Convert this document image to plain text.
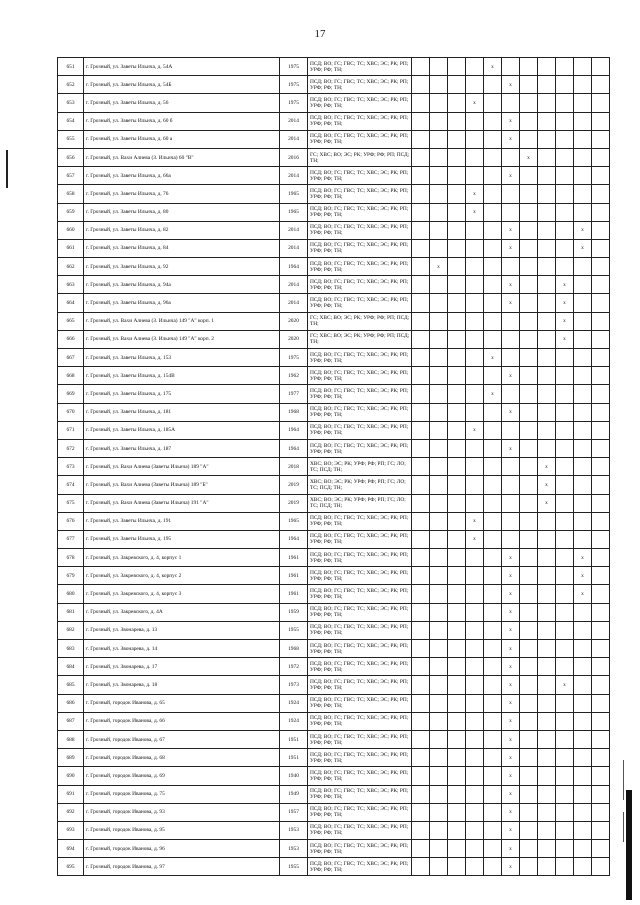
17
651	г. Грозный, ул. Заветы Ильича, д. 54А	1975	ПСД; ВО; ГС; ГВС; ТС; ХВС; ЭС; РК; РП; УРФ; РФ; ТН;					x						
652	г. Грозный, ул. Заветы Ильича, д. 54Б	1975	ПСД; ВО; ГС; ГВС; ТС; ХВС; ЭС; РК; РП; УРФ; РФ; ТН;						x					
653	г. Грозный, ул. Заветы Ильича, д. 56	1975	ПСД; ВО; ГС; ГВС; ТС; ХВС; ЭС; РК; РП; УРФ; РФ; ТН;				x							
654	г. Грозный, ул. Заветы Ильича, д. 60 б	2014	ПСД; ВО; ГС; ГВС; ТС; ХВС; ЭС; РК; РП; УРФ; РФ; ТН;						x					
655	г. Грозный, ул. Заветы Ильича, д. 60 а	2014	ПСД; ВО; ГС; ГВС; ТС; ХВС; ЭС; РК; РП; УРФ; РФ; ТН;						x					
656	г. Грозный, ул. Вахи Алиева (З. Ильича) 60 "В"	2016	ГС; ХВС; ВО; ЭС; РК; УРФ; РФ; РП; ПСД; ТН;							x				
657	г. Грозный, ул. Заветы Ильича, д. 66а	2014	ПСД; ВО; ГС; ГВС; ТС; ХВС; ЭС; РК; РП; УРФ; РФ; ТН;						x					
658	г. Грозный, ул. Заветы Ильича, д. 76	1965	ПСД; ВО; ГС; ГВС; ТС; ХВС; ЭС; РК; РП; УРФ; РФ; ТН;				x							
659	г. Грозный, ул. Заветы Ильича, д. 80	1965	ПСД; ВО; ГС; ГВС; ТС; ХВС; ЭС; РК; РП; УРФ; РФ; ТН;				x							
660	г. Грозный, ул. Заветы Ильича, д. 82	2014	ПСД; ВО; ГС; ГВС; ТС; ХВС; ЭС; РК; РП; УРФ; РФ; ТН;						x				x	
661	г. Грозный, ул. Заветы Ильича, д. 84	2014	ПСД; ВО; ГС; ГВС; ТС; ХВС; ЭС; РК; РП; УРФ; РФ; ТН;						x				x	
662	г. Грозный, ул. Заветы Ильича, д. 92	1964	ПСД; ВО; ГС; ГВС; ТС; ХВС; ЭС; РК; РП; УРФ; РФ; ТН;		x									
663	г. Грозный, ул. Заветы Ильича, д. 94а	2014	ПСД; ВО; ГС; ГВС; ТС; ХВС; ЭС; РК; РП; УРФ; РФ; ТН;						x			x		
664	г. Грозный, ул. Заветы Ильича, д. 96а	2014	ПСД; ВО; ГС; ГВС; ТС; ХВС; ЭС; РК; РП; УРФ; РФ; ТН;						x			x		
665	г. Грозный, ул. Вахи Алиева (З. Ильича) 149 "А" корп. 1	2020	ГС; ХВС; ВО; ЭС; РК; УРФ; РФ; РП; ПСД; ТН;									x		
666	г. Грозный, ул. Вахи Алиева (З. Ильича) 149 "А" корп. 2	2020	ГС; ХВС; ВО; ЭС; РК; УРФ; РФ; РП; ПСД; ТН;									x		
667	г. Грозный, ул. Заветы Ильича, д. 153	1975	ПСД; ВО; ГС; ГВС; ТС; ХВС; ЭС; РК; РП; УРФ; РФ; ТН;					x						
668	г. Грозный, ул. Заветы Ильича, д. 154В	1962	ПСД; ВО; ГС; ГВС; ТС; ХВС; ЭС; РК; РП; УРФ; РФ; ТН;						x					
669	г. Грозный, ул. Заветы Ильича, д. 175	1977	ПСД; ВО; ГС; ГВС; ТС; ХВС; ЭС; РК; РП; УРФ; РФ; ТН;					x						
670	г. Грозный, ул. Заветы Ильича, д. 181	1968	ПСД; ВО; ГС; ГВС; ТС; ХВС; ЭС; РК; РП; УРФ; РФ; ТН;						x					
671	г. Грозный, ул. Заветы Ильича, д. 185А	1964	ПСД; ВО; ГС; ГВС; ТС; ХВС; ЭС; РК; РП; УРФ; РФ; ТН;				x							
672	г. Грозный, ул. Заветы Ильича, д. 187	1964	ПСД; ВО; ГС; ГВС; ТС; ХВС; ЭС; РК; РП; УРФ; РФ; ТН;						x					
673	г. Грозный, ул. Вахи Алиева (Заветы Ильича) 189 "А"	2018	ХВС; ВО; ЭС; РК; УРФ; РФ; РП; ГС; ЛО; ТС; ПСД; ТН;								x			
674	г. Грозный, ул. Вахи Алиева (Заветы Ильича) 189 "Б"	2019	ХВС; ВО; ЭС; РК; УРФ; РФ; РП; ГС; ЛО; ТС; ПСД; ТН;								x			
675	г. Грозный, ул. Вахи Алиева (Заветы Ильича) 191 "А"	2019	ХВС; ВО; ЭС; РК; УРФ; РФ; РП; ГС; ЛО; ТС; ПСД; ТН;								x			
676	г. Грозный, ул. Заветы Ильича, д. 191	1965	ПСД; ВО; ГС; ГВС; ТС; ХВС; ЭС; РК; РП; УРФ; РФ; ТН;				x							
677	г. Грозный, ул. Заветы Ильича, д. 195	1964	ПСД; ВО; ГС; ГВС; ТС; ХВС; ЭС; РК; РП; УРФ; РФ; ТН;				x							
678	г. Грозный, ул. Закревского, д. 4, корпус 1	1961	ПСД; ВО; ГС; ГВС; ТС; ХВС; ЭС; РК; РП; УРФ; РФ; ТН;						x				x	
679	г. Грозный, ул. Закревского, д. 4, корпус 2	1961	ПСД; ВО; ГС; ГВС; ТС; ХВС; ЭС; РК; РП; УРФ; РФ; ТН;						x				x	
680	г. Грозный, ул. Закревского, д. 4, корпус 3	1961	ПСД; ВО; ГС; ГВС; ТС; ХВС; ЭС; РК; РП; УРФ; РФ; ТН;						x				x	
681	г. Грозный, ул. Закревского, д. 4А	1959	ПСД; ВО; ГС; ГВС; ТС; ХВС; ЭС; РК; РП; УРФ; РФ; ТН;						x					
682	г. Грозный, ул. Звонарева, д. 13	1955	ПСД; ВО; ГС; ГВС; ТС; ХВС; ЭС; РК; РП; УРФ; РФ; ТН;						x					
683	г. Грозный, ул. Звонарева, д. 14	1968	ПСД; ВО; ГС; ГВС; ТС; ХВС; ЭС; РК; РП; УРФ; РФ; ТН;						x					
684	г. Грозный, ул. Звонарева, д. 17	1972	ПСД; ВО; ГС; ГВС; ТС; ХВС; ЭС; РК; РП; УРФ; РФ; ТН;						x					
685	г. Грозный, ул. Звонарева, д. 18	1973	ПСД; ВО; ГС; ГВС; ТС; ХВС; ЭС; РК; РП; УРФ; РФ; ТН;						x			x		
686	г. Грозный, городок Иванова, д. 65	1924	ПСД; ВО; ГС; ГВС; ТС; ХВС; ЭС; РК; РП; УРФ; РФ; ТН;						x					
687	г. Грозный, городок Иванова, д. 66	1924	ПСД; ВО; ГС; ГВС; ТС; ХВС; ЭС; РК; РП; УРФ; РФ; ТН;						x					
688	г. Грозный, городок Иванова, д. 67	1951	ПСД; ВО; ГС; ГВС; ТС; ХВС; ЭС; РК; РП; УРФ; РФ; ТН;						x					
689	г. Грозный, городок Иванова, д. 68	1951	ПСД; ВО; ГС; ГВС; ТС; ХВС; ЭС; РК; РП; УРФ; РФ; ТН;						x					
690	г. Грозный, городок Иванова, д. 69	1940	ПСД; ВО; ГС; ГВС; ТС; ХВС; ЭС; РК; РП; УРФ; РФ; ТН;						x					
691	г. Грозный, городок Иванова, д. 75	1949	ПСД; ВО; ГС; ГВС; ТС; ХВС; ЭС; РК; РП; УРФ; РФ; ТН;						x					
692	г. Грозный, городок Иванова, д. 93	1957	ПСД; ВО; ГС; ГВС; ТС; ХВС; ЭС; РК; РП; УРФ; РФ; ТН;						x					
693	г. Грозный, городок Иванова, д. 95	1953	ПСД; ВО; ГС; ГВС; ТС; ХВС; ЭС; РК; РП; УРФ; РФ; ТН;						x					
694	г. Грозный, городок Иванова, д. 96	1953	ПСД; ВО; ГС; ГВС; ТС; ХВС; ЭС; РК; РП; УРФ; РФ; ТН;						x					
695	г. Грозный, городок Иванова, д. 97	1955	ПСД; ВО; ГС; ГВС; ТС; ХВС; ЭС; РК; РП; УРФ; РФ; ТН;						x					
